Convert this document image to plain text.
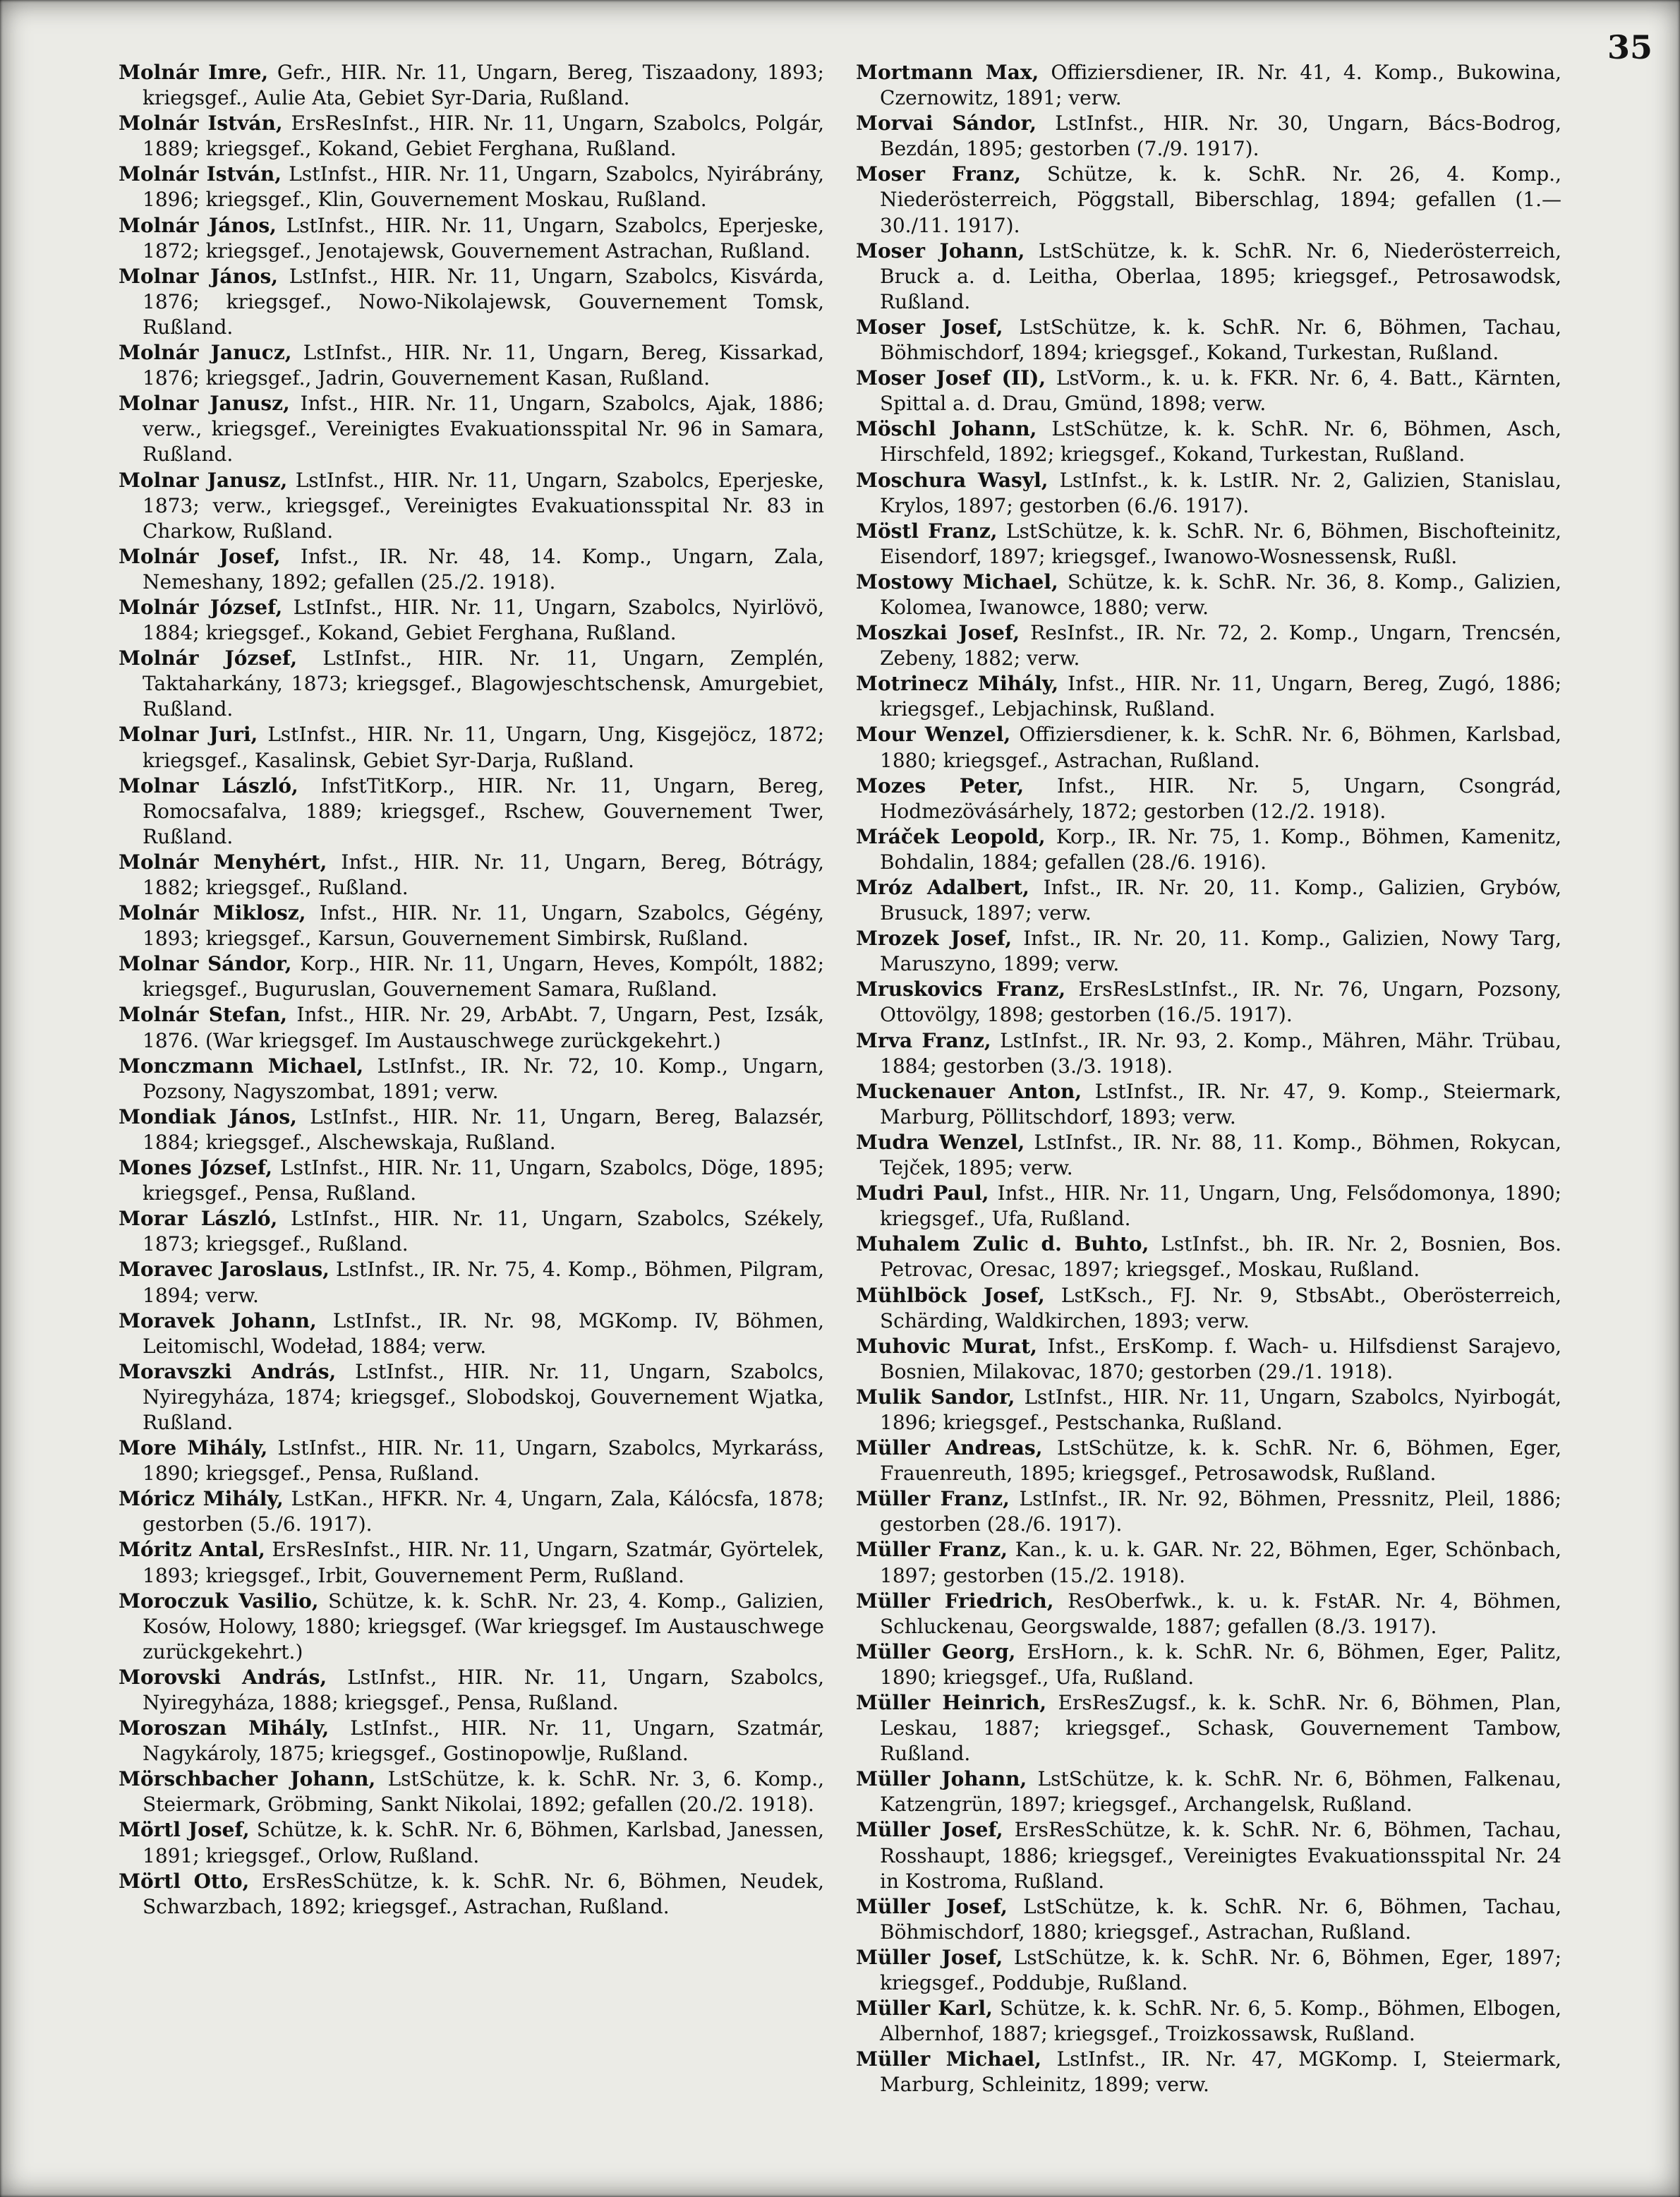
35

Molnár Imre, Gefr., HIR. Nr. 11, Ungarn, Bereg, Tiszaadony, 1893; kriegsgef., Aulie Ata, Gebiet Syr-Daria, Rußland.

Molnár István, ErsResInfst., HIR. Nr. 11, Ungarn, Szabolcs, Polgár, 1889; kriegsgef., Kokand, Gebiet Ferghana, Rußland.

Molnár István, LstInfst., HIR. Nr. 11, Ungarn, Szabolcs, Nyirábrány, 1896; kriegsgef., Klin, Gouvernement Moskau, Rußland.

Molnár János, LstInfst., HIR. Nr. 11, Ungarn, Szabolcs, Eperjeske, 1872; kriegsgef., Jenotajewsk, Gouvernement Astrachan, Rußland.

Molnar János, LstInfst., HIR. Nr. 11, Ungarn, Szabolcs, Kisvárda, 1876; kriegsgef., Nowo-Nikolajewsk, Gouvernement Tomsk, Rußland.

Molnár Janucz, LstInfst., HIR. Nr. 11, Ungarn, Bereg, Kissarkad, 1876; kriegsgef., Jadrin, Gouvernement Kasan, Rußland.

Molnar Janusz, Infst., HIR. Nr. 11, Ungarn, Szabolcs, Ajak, 1886; verw., kriegsgef., Vereinigtes Evakuationsspital Nr. 96 in Samara, Rußland.

Molnar Janusz, LstInfst., HIR. Nr. 11, Ungarn, Szabolcs, Eperjeske, 1873; verw., kriegsgef., Vereinigtes Evakuationsspital Nr. 83 in Charkow, Rußland.

Molnár Josef, Infst., IR. Nr. 48, 14. Komp., Ungarn, Zala, Nemeshany, 1892; gefallen (25./2. 1918).

Molnár József, LstInfst., HIR. Nr. 11, Ungarn, Szabolcs, Nyirlövö, 1884; kriegsgef., Kokand, Gebiet Ferghana, Rußland.

Molnár József, LstInfst., HIR. Nr. 11, Ungarn, Zemplén, Taktaharkány, 1873; kriegsgef., Blagowjeschtschensk, Amurgebiet, Rußland.

Molnar Juri, LstInfst., HIR. Nr. 11, Ungarn, Ung, Kisgejöcz, 1872; kriegsgef., Kasalinsk, Gebiet Syr-Darja, Rußland.

Molnar László, InfstTitKorp., HIR. Nr. 11, Ungarn, Bereg, Romocsafalva, 1889; kriegsgef., Rschew, Gouvernement Twer, Rußland.

Molnár Menyhért, Infst., HIR. Nr. 11, Ungarn, Bereg, Bótrágy, 1882; kriegsgef., Rußland.

Molnár Miklosz, Infst., HIR. Nr. 11, Ungarn, Szabolcs, Gégény, 1893; kriegsgef., Karsun, Gouvernement Simbirsk, Rußland.

Molnar Sándor, Korp., HIR. Nr. 11, Ungarn, Heves, Kompólt, 1882; kriegsgef., Buguruslan, Gouvernement Samara, Rußland.

Molnár Stefan, Infst., HIR. Nr. 29, ArbAbt. 7, Ungarn, Pest, Izsák, 1876. (War kriegsgef. Im Austauschwege zurückgekehrt.)

Monczmann Michael, LstInfst., IR. Nr. 72, 10. Komp., Ungarn, Pozsony, Nagyszombat, 1891; verw.

Mondiak János, LstInfst., HIR. Nr. 11, Ungarn, Bereg, Balazsér, 1884; kriegsgef., Alschewskaja, Rußland.

Mones József, LstInfst., HIR. Nr. 11, Ungarn, Szabolcs, Döge, 1895; kriegsgef., Pensa, Rußland.

Morar László, LstInfst., HIR. Nr. 11, Ungarn, Szabolcs, Székely, 1873; kriegsgef., Rußland.

Moravec Jaroslaus, LstInfst., IR. Nr. 75, 4. Komp., Böhmen, Pilgram, 1894; verw.

Moravek Johann, LstInfst., IR. Nr. 98, MGKomp. IV, Böhmen, Leitomischl, Wodeład, 1884; verw.

Moravszki András, LstInfst., HIR. Nr. 11, Ungarn, Szabolcs, Nyiregyháza, 1874; kriegsgef., Slobodskoj, Gouvernement Wjatka, Rußland.

More Mihály, LstInfst., HIR. Nr. 11, Ungarn, Szabolcs, Myrkaráss, 1890; kriegsgef., Pensa, Rußland.

Móricz Mihály, LstKan., HFKR. Nr. 4, Ungarn, Zala, Kálócsfa, 1878; gestorben (5./6. 1917).

Móritz Antal, ErsResInfst., HIR. Nr. 11, Ungarn, Szatmár, Györtelek, 1893; kriegsgef., Irbit, Gouvernement Perm, Rußland.

Moroczuk Vasilio, Schütze, k. k. SchR. Nr. 23, 4. Komp., Galizien, Kosów, Holowy, 1880; kriegsgef. (War kriegsgef. Im Austauschwege zurückgekehrt.)

Morovski András, LstInfst., HIR. Nr. 11, Ungarn, Szabolcs, Nyiregyháza, 1888; kriegsgef., Pensa, Rußland.

Moroszan Mihály, LstInfst., HIR. Nr. 11, Ungarn, Szatmár, Nagykároly, 1875; kriegsgef., Gostinopowlje, Rußland.

Mörschbacher Johann, LstSchütze, k. k. SchR. Nr. 3, 6. Komp., Steiermark, Gröbming, Sankt Nikolai, 1892; gefallen (20./2. 1918).

Mörtl Josef, Schütze, k. k. SchR. Nr. 6, Böhmen, Karlsbad, Janessen, 1891; kriegsgef., Orlow, Rußland.

Mörtl Otto, ErsResSchütze, k. k. SchR. Nr. 6, Böhmen, Neudek, Schwarzbach, 1892; kriegsgef., Astrachan, Rußland.

Mortmann Max, Offiziersdiener, IR. Nr. 41, 4. Komp., Bukowina, Czernowitz, 1891; verw.

Morvai Sándor, LstInfst., HIR. Nr. 30, Ungarn, Bács-Bodrog, Bezdán, 1895; gestorben (7./9. 1917).

Moser Franz, Schütze, k. k. SchR. Nr. 26, 4. Komp., Niederösterreich, Pöggstall, Biberschlag, 1894; gefallen (1.—30./11. 1917).

Moser Johann, LstSchütze, k. k. SchR. Nr. 6, Niederösterreich, Bruck a. d. Leitha, Oberlaa, 1895; kriegsgef., Petrosawodsk, Rußland.

Moser Josef, LstSchütze, k. k. SchR. Nr. 6, Böhmen, Tachau, Böhmischdorf, 1894; kriegsgef., Kokand, Turkestan, Rußland.

Moser Josef (II), LstVorm., k. u. k. FKR. Nr. 6, 4. Batt., Kärnten, Spittal a. d. Drau, Gmünd, 1898; verw.

Möschl Johann, LstSchütze, k. k. SchR. Nr. 6, Böhmen, Asch, Hirschfeld, 1892; kriegsgef., Kokand, Turkestan, Rußland.

Moschura Wasyl, LstInfst., k. k. LstIR. Nr. 2, Galizien, Stanislau, Krylos, 1897; gestorben (6./6. 1917).

Möstl Franz, LstSchütze, k. k. SchR. Nr. 6, Böhmen, Bischofteinitz, Eisendorf, 1897; kriegsgef., Iwanowo-Wosnessensk, Rußl.

Mostowy Michael, Schütze, k. k. SchR. Nr. 36, 8. Komp., Galizien, Kolomea, Iwanowce, 1880; verw.

Moszkai Josef, ResInfst., IR. Nr. 72, 2. Komp., Ungarn, Trencsén, Zebeny, 1882; verw.

Motrinecz Mihály, Infst., HIR. Nr. 11, Ungarn, Bereg, Zugó, 1886; kriegsgef., Lebjachinsk, Rußland.

Mour Wenzel, Offiziersdiener, k. k. SchR. Nr. 6, Böhmen, Karlsbad, 1880; kriegsgef., Astrachan, Rußland.

Mozes Peter, Infst., HIR. Nr. 5, Ungarn, Csongrád, Hodmezövásárhely, 1872; gestorben (12./2. 1918).

Mráček Leopold, Korp., IR. Nr. 75, 1. Komp., Böhmen, Kamenitz, Bohdalin, 1884; gefallen (28./6. 1916).

Mróz Adalbert, Infst., IR. Nr. 20, 11. Komp., Galizien, Grybów, Brusuck, 1897; verw.

Mrozek Josef, Infst., IR. Nr. 20, 11. Komp., Galizien, Nowy Targ, Maruszyno, 1899; verw.

Mruskovics Franz, ErsResLstInfst., IR. Nr. 76, Ungarn, Pozsony, Ottovölgy, 1898; gestorben (16./5. 1917).

Mrva Franz, LstInfst., IR. Nr. 93, 2. Komp., Mähren, Mähr. Trübau, 1884; gestorben (3./3. 1918).

Muckenauer Anton, LstInfst., IR. Nr. 47, 9. Komp., Steiermark, Marburg, Pöllitschdorf, 1893; verw.

Mudra Wenzel, LstInfst., IR. Nr. 88, 11. Komp., Böhmen, Rokycan, Tejček, 1895; verw.

Mudri Paul, Infst., HIR. Nr. 11, Ungarn, Ung, Felsődomonya, 1890; kriegsgef., Ufa, Rußland.

Muhalem Zulic d. Buhto, LstInfst., bh. IR. Nr. 2, Bosnien, Bos. Petrovac, Oresac, 1897; kriegsgef., Moskau, Rußland.

Mühlböck Josef, LstKsch., FJ. Nr. 9, StbsAbt., Oberösterreich, Schärding, Waldkirchen, 1893; verw.

Muhovic Murat, Infst., ErsKomp. f. Wach- u. Hilfsdienst Sarajevo, Bosnien, Milakovac, 1870; gestorben (29./1. 1918).

Mulik Sandor, LstInfst., HIR. Nr. 11, Ungarn, Szabolcs, Nyirbogát, 1896; kriegsgef., Pestschanka, Rußland.

Müller Andreas, LstSchütze, k. k. SchR. Nr. 6, Böhmen, Eger, Frauenreuth, 1895; kriegsgef., Petrosawodsk, Rußland.

Müller Franz, LstInfst., IR. Nr. 92, Böhmen, Pressnitz, Pleil, 1886; gestorben (28./6. 1917).

Müller Franz, Kan., k. u. k. GAR. Nr. 22, Böhmen, Eger, Schönbach, 1897; gestorben (15./2. 1918).

Müller Friedrich, ResOberfwk., k. u. k. FstAR. Nr. 4, Böhmen, Schluckenau, Georgswalde, 1887; gefallen (8./3. 1917).

Müller Georg, ErsHorn., k. k. SchR. Nr. 6, Böhmen, Eger, Palitz, 1890; kriegsgef., Ufa, Rußland.

Müller Heinrich, ErsResZugsf., k. k. SchR. Nr. 6, Böhmen, Plan, Leskau, 1887; kriegsgef., Schask, Gouvernement Tambow, Rußland.

Müller Johann, LstSchütze, k. k. SchR. Nr. 6, Böhmen, Falkenau, Katzengrün, 1897; kriegsgef., Archangelsk, Rußland.

Müller Josef, ErsResSchütze, k. k. SchR. Nr. 6, Böhmen, Tachau, Rosshaupt, 1886; kriegsgef., Vereinigtes Evakuationsspital Nr. 24 in Kostroma, Rußland.

Müller Josef, LstSchütze, k. k. SchR. Nr. 6, Böhmen, Tachau, Böhmischdorf, 1880; kriegsgef., Astrachan, Rußland.

Müller Josef, LstSchütze, k. k. SchR. Nr. 6, Böhmen, Eger, 1897; kriegsgef., Poddubje, Rußland.

Müller Karl, Schütze, k. k. SchR. Nr. 6, 5. Komp., Böhmen, Elbogen, Albernhof, 1887; kriegsgef., Troizkossawsk, Rußland.

Müller Michael, LstInfst., IR. Nr. 47, MGKomp. I, Steiermark, Marburg, Schleinitz, 1899; verw.
